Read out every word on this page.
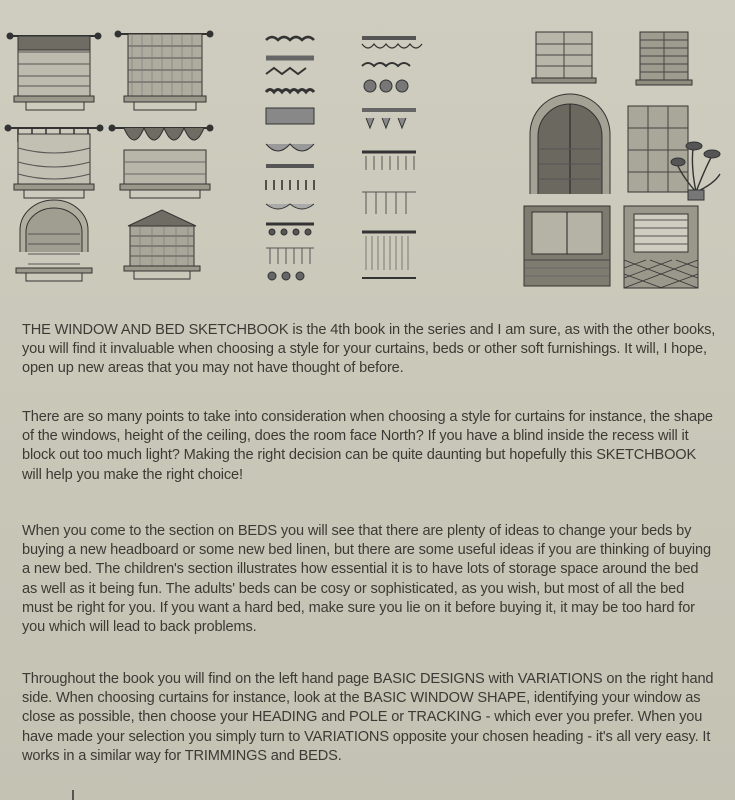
THE WINDOW AND BED SKETCHBOOK is the 4th book in the series and I am sure, as with the other books, you will find it invaluable when choosing a style for your curtains, beds or other soft furnishings. It will, I hope, open up new areas that you may not have thought of before.

There are so many points to take into consideration when choosing a style for curtains for instance, the shape of the windows, height of the ceiling, does the room face North? If you have a blind inside the recess will it block out too much light? Making the right decision can be quite daunting but hopefully this SKETCHBOOK will help you make the right choice!

When you come to the section on BEDS you will see that there are plenty of ideas to change your beds by buying a new headboard or some new bed linen, but there are some useful ideas if you are thinking of buying a new bed. The children's section illustrates how essential it is to have lots of storage space around the bed as well as it being fun. The adults' beds can be cosy or sophisticated, as you wish, but most of all the bed must be right for you. If you want a hard bed, make sure you lie on it before buying it, it may be too hard for you which will lead to back problems.

Throughout the book you will find on the left hand page BASIC DESIGNS with VARIATIONS on the right hand side. When choosing curtains for instance, look at the BASIC WINDOW SHAPE, identifying your window as close as possible, then choose your HEADING and POLE or TRACKING - which ever you prefer. When you have made your selection you simply turn to VARIATIONS opposite your chosen heading - it's all very easy. It works in a similar way for TRIMMINGS and BEDS.
